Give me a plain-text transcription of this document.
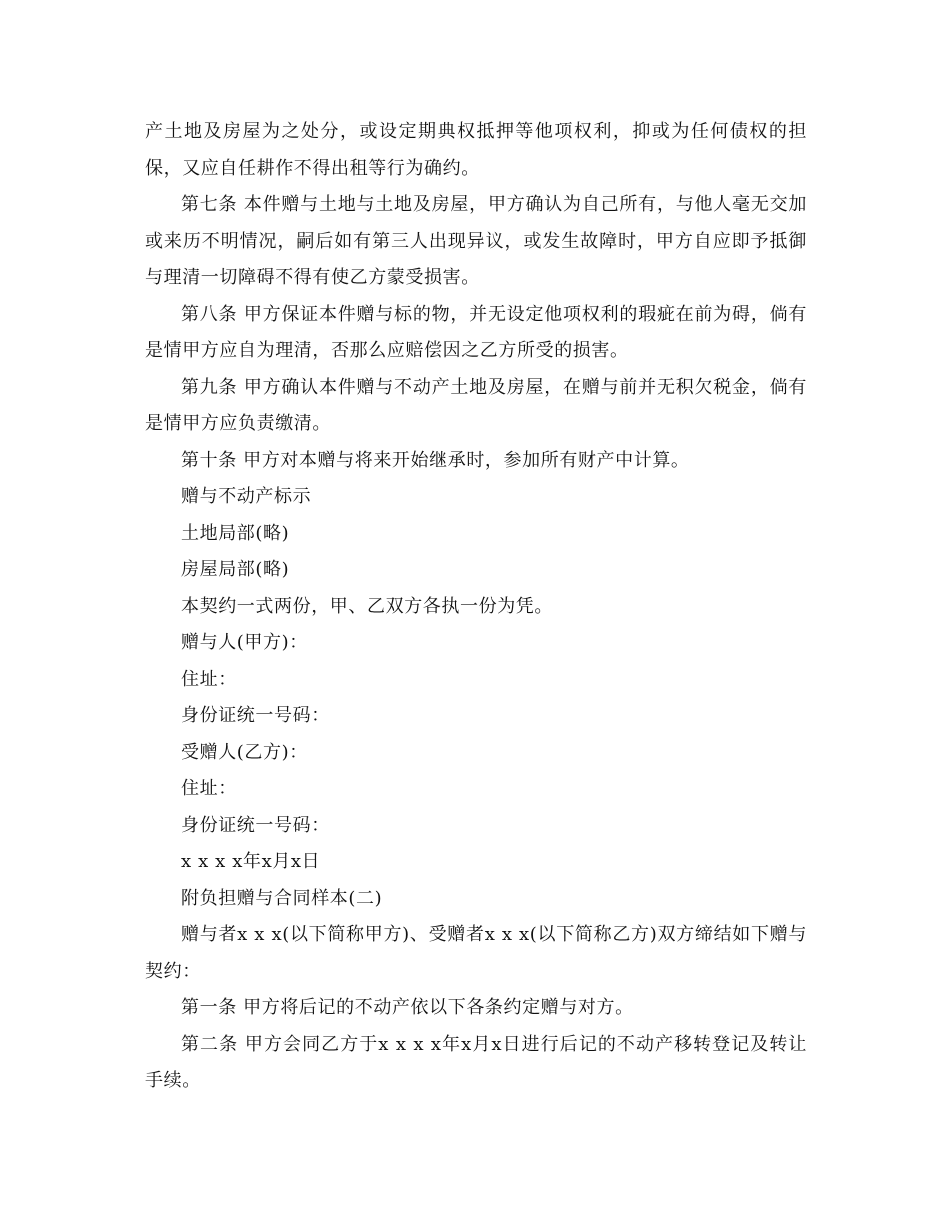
产土地及房屋为之处分，或设定期典权抵押等他项权利，抑或为任何债权的担保，又应自任耕作不得出租等行为确约。

第七条 本件赠与土地与土地及房屋，甲方确认为自己所有，与他人毫无交加或来历不明情况，嗣后如有第三人出现异议，或发生故障时，甲方自应即予抵御与理清一切障碍不得有使乙方蒙受损害。

第八条 甲方保证本件赠与标的物，并无设定他项权利的瑕疵在前为碍，倘有是情甲方应自为理清，否那么应赔偿因之乙方所受的损害。

第九条 甲方确认本件赠与不动产土地及房屋，在赠与前并无积欠税金，倘有是情甲方应负责缴清。

第十条 甲方对本赠与将来开始继承时，参加所有财产中计算。

赠与不动产标示

土地局部(略)

房屋局部(略)

本契约一式两份，甲、乙双方各执一份为凭。

赠与人(甲方)：

住址：

身份证统一号码：

受赠人(乙方)：

住址：

身份证统一号码：

x x x x年x月x日

附负担赠与合同样本(二)

赠与者x x x(以下简称甲方)、受赠者x x x(以下简称乙方)双方缔结如下赠与契约：

第一条 甲方将后记的不动产依以下各条约定赠与对方。

第二条 甲方会同乙方于x x x x年x月x日进行后记的不动产移转登记及转让手续。
